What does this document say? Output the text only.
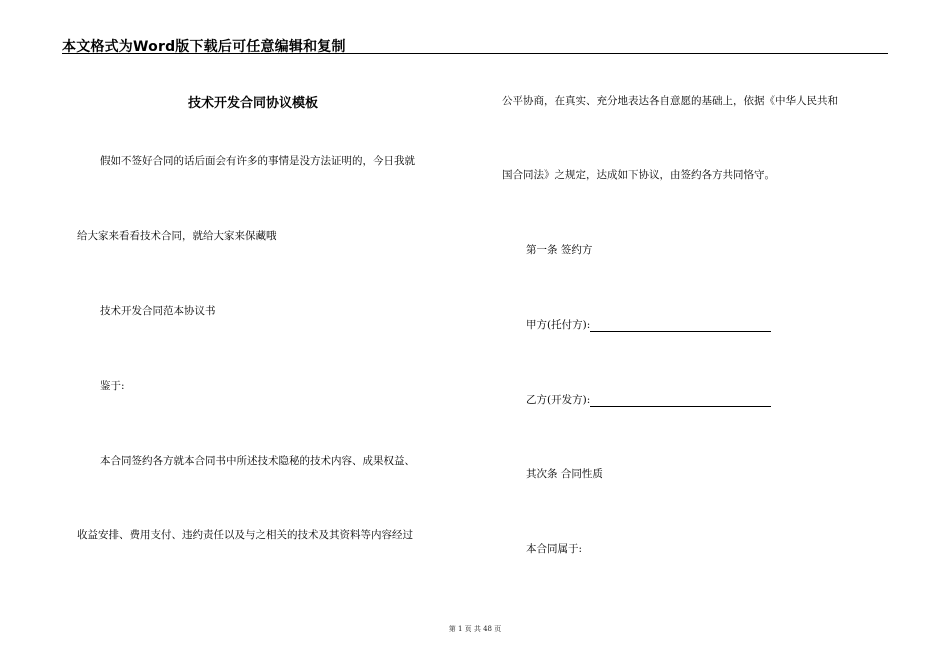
本文格式为Word版下载后可任意编辑和复制
技术开发合同协议模板
假如不签好合同的话后面会有许多的事情是没方法证明的，今日我就
给大家来看看技术合同，就给大家来保藏哦
技术开发合同范本协议书
鉴于:
本合同签约各方就本合同书中所述技术隐秘的技术内容、成果权益、
收益安排、费用支付、违约责任以及与之相关的技术及其资料等内容经过
公平协商，在真实、充分地表达各自意愿的基础上，依据《中华人民共和
国合同法》之规定，达成如下协议，由签约各方共同恪守。
第一条 签约方
甲方(托付方):
乙方(开发方):
其次条 合同性质
本合同属于:
第 1 页 共 48 页
